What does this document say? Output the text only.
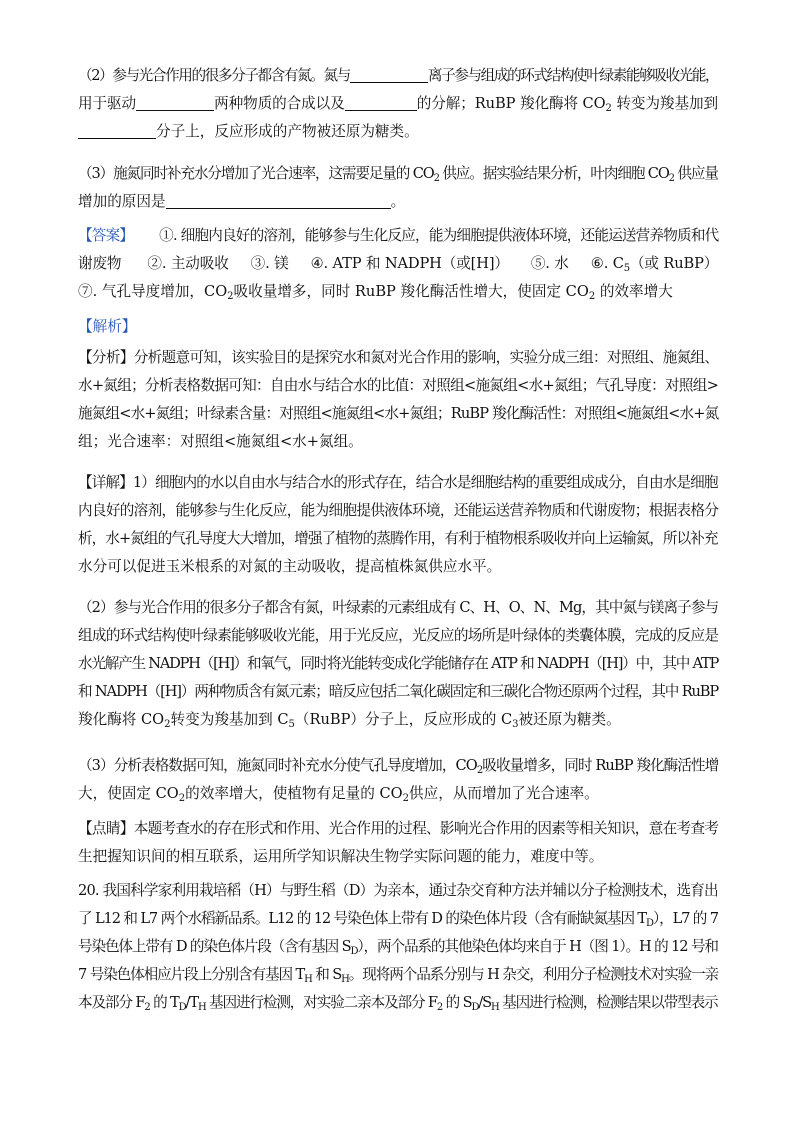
（2）参与光合作用的很多分子都含有氮。氮与	离子参与组成的环式结构使叶绿素能够吸收光能，
用于驱动	两种物质的合成以及	的分解；RuBP 羧化酶将 $CO_2$ 转变为羧基加到
分子上，反应形成的产物被还原为糖类。
（3）施氮同时补充水分增加了光合速率，这需要足量的 $CO_2$ 供应。据实验结果分析，叶肉细胞 $CO_2$ 供应量
增加的原因是	。
【答案】 ①. 细胞内良好的溶剂，能够参与生化反应，能为细胞提供液体环境，还能运送营养物质和代
谢废物 ②. 主动吸收 ③. 镁 ④. ATP 和 NADPH（或[H]） ⑤. 水 ⑥. $C_5$（或 RuBP）
⑦. 气孔导度增加，$CO_2$吸收量增多，同时 RuBP 羧化酶活性增大，使固定 $CO_2$ 的效率增大
【解析】
【分析】分析题意可知，该实验目的是探究水和氮对光合作用的影响，实验分成三组：对照组、施氮组、
水+氮组；分析表格数据可知：自由水与结合水的比值：对照组<施氮组<水+氮组；气孔导度：对照组>
施氮组<水+氮组；叶绿素含量：对照组<施氮组<水+氮组；RuBP 羧化酶活性：对照组<施氮组<水+氮
组；光合速率：对照组<施氮组<水+氮组。
【详解】1）细胞内的水以自由水与结合水的形式存在，结合水是细胞结构的重要组成成分，自由水是细胞
内良好的溶剂，能够参与生化反应，能为细胞提供液体环境，还能运送营养物质和代谢废物；根据表格分
析，水+氮组的气孔导度大大增加，增强了植物的蒸腾作用，有利于植物根系吸收并向上运输氮，所以补充
水分可以促进玉米根系的对氮的主动吸收，提高植株氮供应水平。
（2）参与光合作用的很多分子都含有氮，叶绿素的元素组成有 C、H、O、N、Mg，其中氮与镁离子参与
组成的环式结构使叶绿素能够吸收光能，用于光反应，光反应的场所是叶绿体的类囊体膜，完成的反应是
水光解产生 NADPH（[H]）和氧气，同时将光能转变成化学能储存在 ATP 和 NADPH（[H]）中，其中 ATP
和 NADPH（[H]）两种物质含有氮元素；暗反应包括二氧化碳固定和三碳化合物还原两个过程，其中 RuBP
羧化酶将 $CO_2$转变为羧基加到 $C_5(RuBP)$分子上，反应形成的 $C_3$被还原为糖类。
（3）分析表格数据可知，施氮同时补充水分使气孔导度增加，$CO_2$吸收量增多，同时 RuBP 羧化酶活性增
大，使固定 $CO_2$的效率增大，使植物有足量的 $CO_2$供应，从而增加了光合速率。
【点睛】本题考查水的存在形式和作用、光合作用的过程、影响光合作用的因素等相关知识，意在考查考
生把握知识间的相互联系，运用所学知识解决生物学实际问题的能力，难度中等。
20. 我国科学家利用栽培稻（H）与野生稻（D）为亲本，通过杂交育种方法并辅以分子检测技术，选育出
了 L12 和 L7 两个水稻新品系。L12 的 12 号染色体上带有 D 的染色体片段（含有耐缺氮基因 $T_D$），L7 的 7
号染色体上带有 D 的染色体片段（含有基因 $S_D$），两个品系的其他染色体均来自于 H（图 1）。H 的 12 号和
7 号染色体相应片段上分别含有基因 $T_H$ 和 $S_H$。现将两个品系分别与 H 杂交，利用分子检测技术对实验一亲
本及部分 $F_2$ 的 $T_D/T_H$ 基因进行检测，对实验二亲本及部分 $F_2$ 的 $S_D/S_H$ 基因进行检测，检测结果以带型表示
